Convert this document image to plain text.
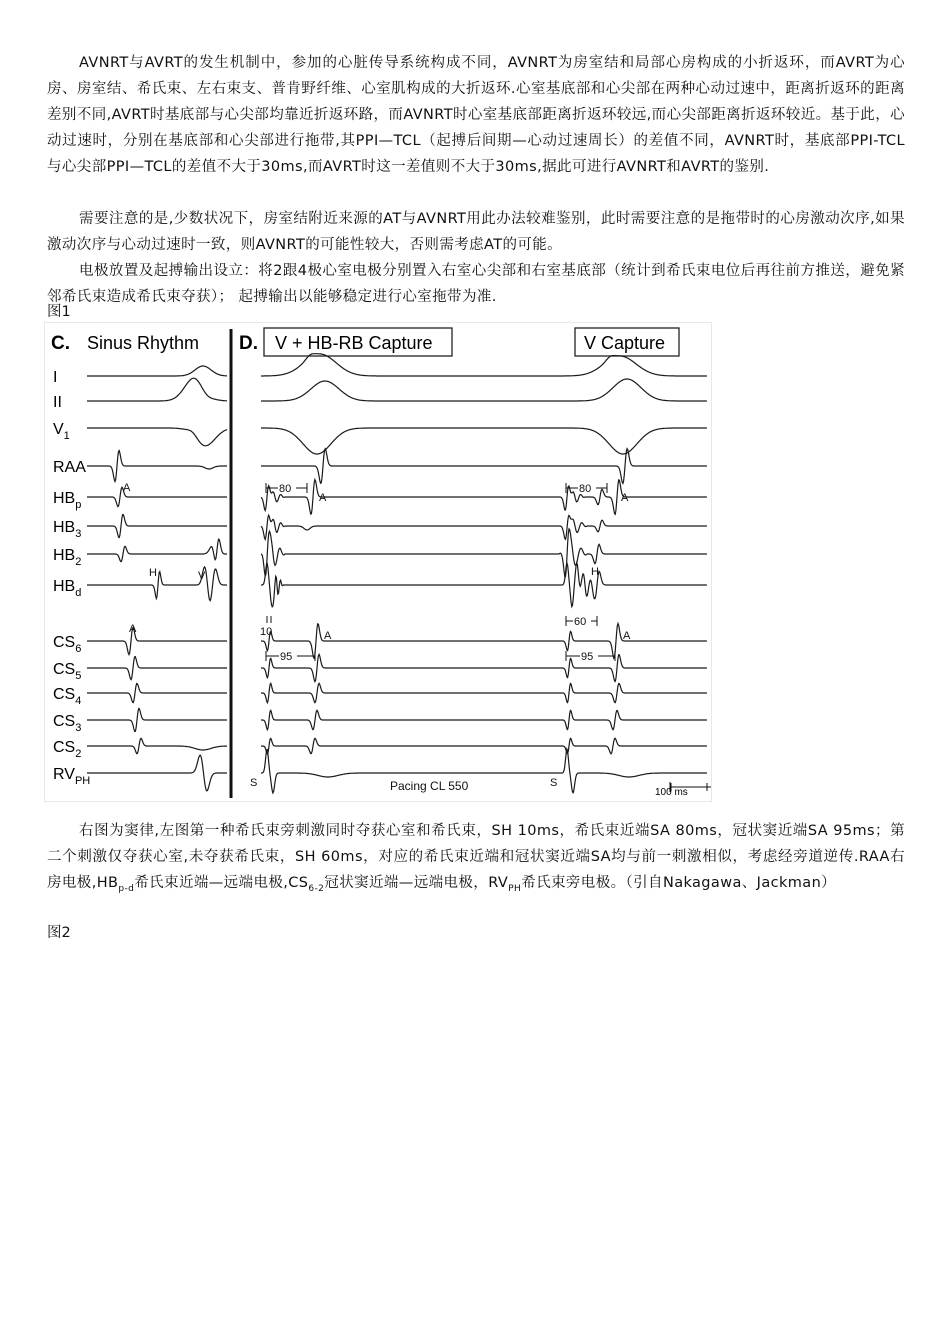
AVNRT与AVRT的发生机制中，参加的心脏传导系统构成不同，AVNRT为房室结和局部心房构成的小折返环，而AVRT为心房、房室结、希氏束、左右束支、普肯野纤维、心室肌构成的大折返环.心室基底部和心尖部在两种心动过速中，距离折返环的距离差别不同,AVRT时基底部与心尖部均靠近折返环路，而AVNRT时心室基底部距离折返环较远,而心尖部距离折返环较近。基于此，心动过速时，分别在基底部和心尖部进行拖带,其PPI—TCL（起搏后间期—心动过速周长）的差值不同，AVNRT时，基底部PPI-TCL与心尖部PPI—TCL的差值不大于30ms,而AVRT时这一差值则不大于30ms,据此可进行AVNRT和AVRT的鉴别.

需要注意的是,少数状况下，房室结附近来源的AT与AVNRT用此办法较难鉴别，此时需要注意的是拖带时的心房激动次序,如果激动次序与心动过速时一致，则AVNRT的可能性较大，否则需考虑AT的可能。

电极放置及起搏输出设立：将2跟4极心室电极分别置入右室心尖部和右室基底部（统计到希氏束电位后再往前方推送，避免紧邻希氏束造成希氏束夺获）； 起搏输出以能够稳定进行心室拖带为准.

图1
C. Sinus Rhythm D. V + HB-RB Capture	V Capture
I
II
$V_1$
RAA
$HB_p$
$HB_3$
$HB_2$
$HB_d$
$CS_6$
$CS_5$
$CS_4$
$CS_3$
$CS_2$
$RV_{PH}$
A
H	V
A
A	A
H
A	A
S	S
Pacing CL 550
80	80
95	95
60
10
100 ms

右图为窦律,左图第一种希氏束旁刺激同时夺获心室和希氏束，SH 10ms，希氏束近端SA 80ms，冠状窦近端SA 95ms；第二个刺激仅夺获心室,未夺获希氏束，SH 60ms，对应的希氏束近端和冠状窦近端SA均与前一刺激相似，考虑经旁道逆传.RAA右房电极$,HB_{p-d}$希氏束近端—远端电极$,CS_{6-2}$冠状窦近端—远端电极，$RV_{PH}$希氏束旁电极。（引自Nakagawa、Jackman）

图2
